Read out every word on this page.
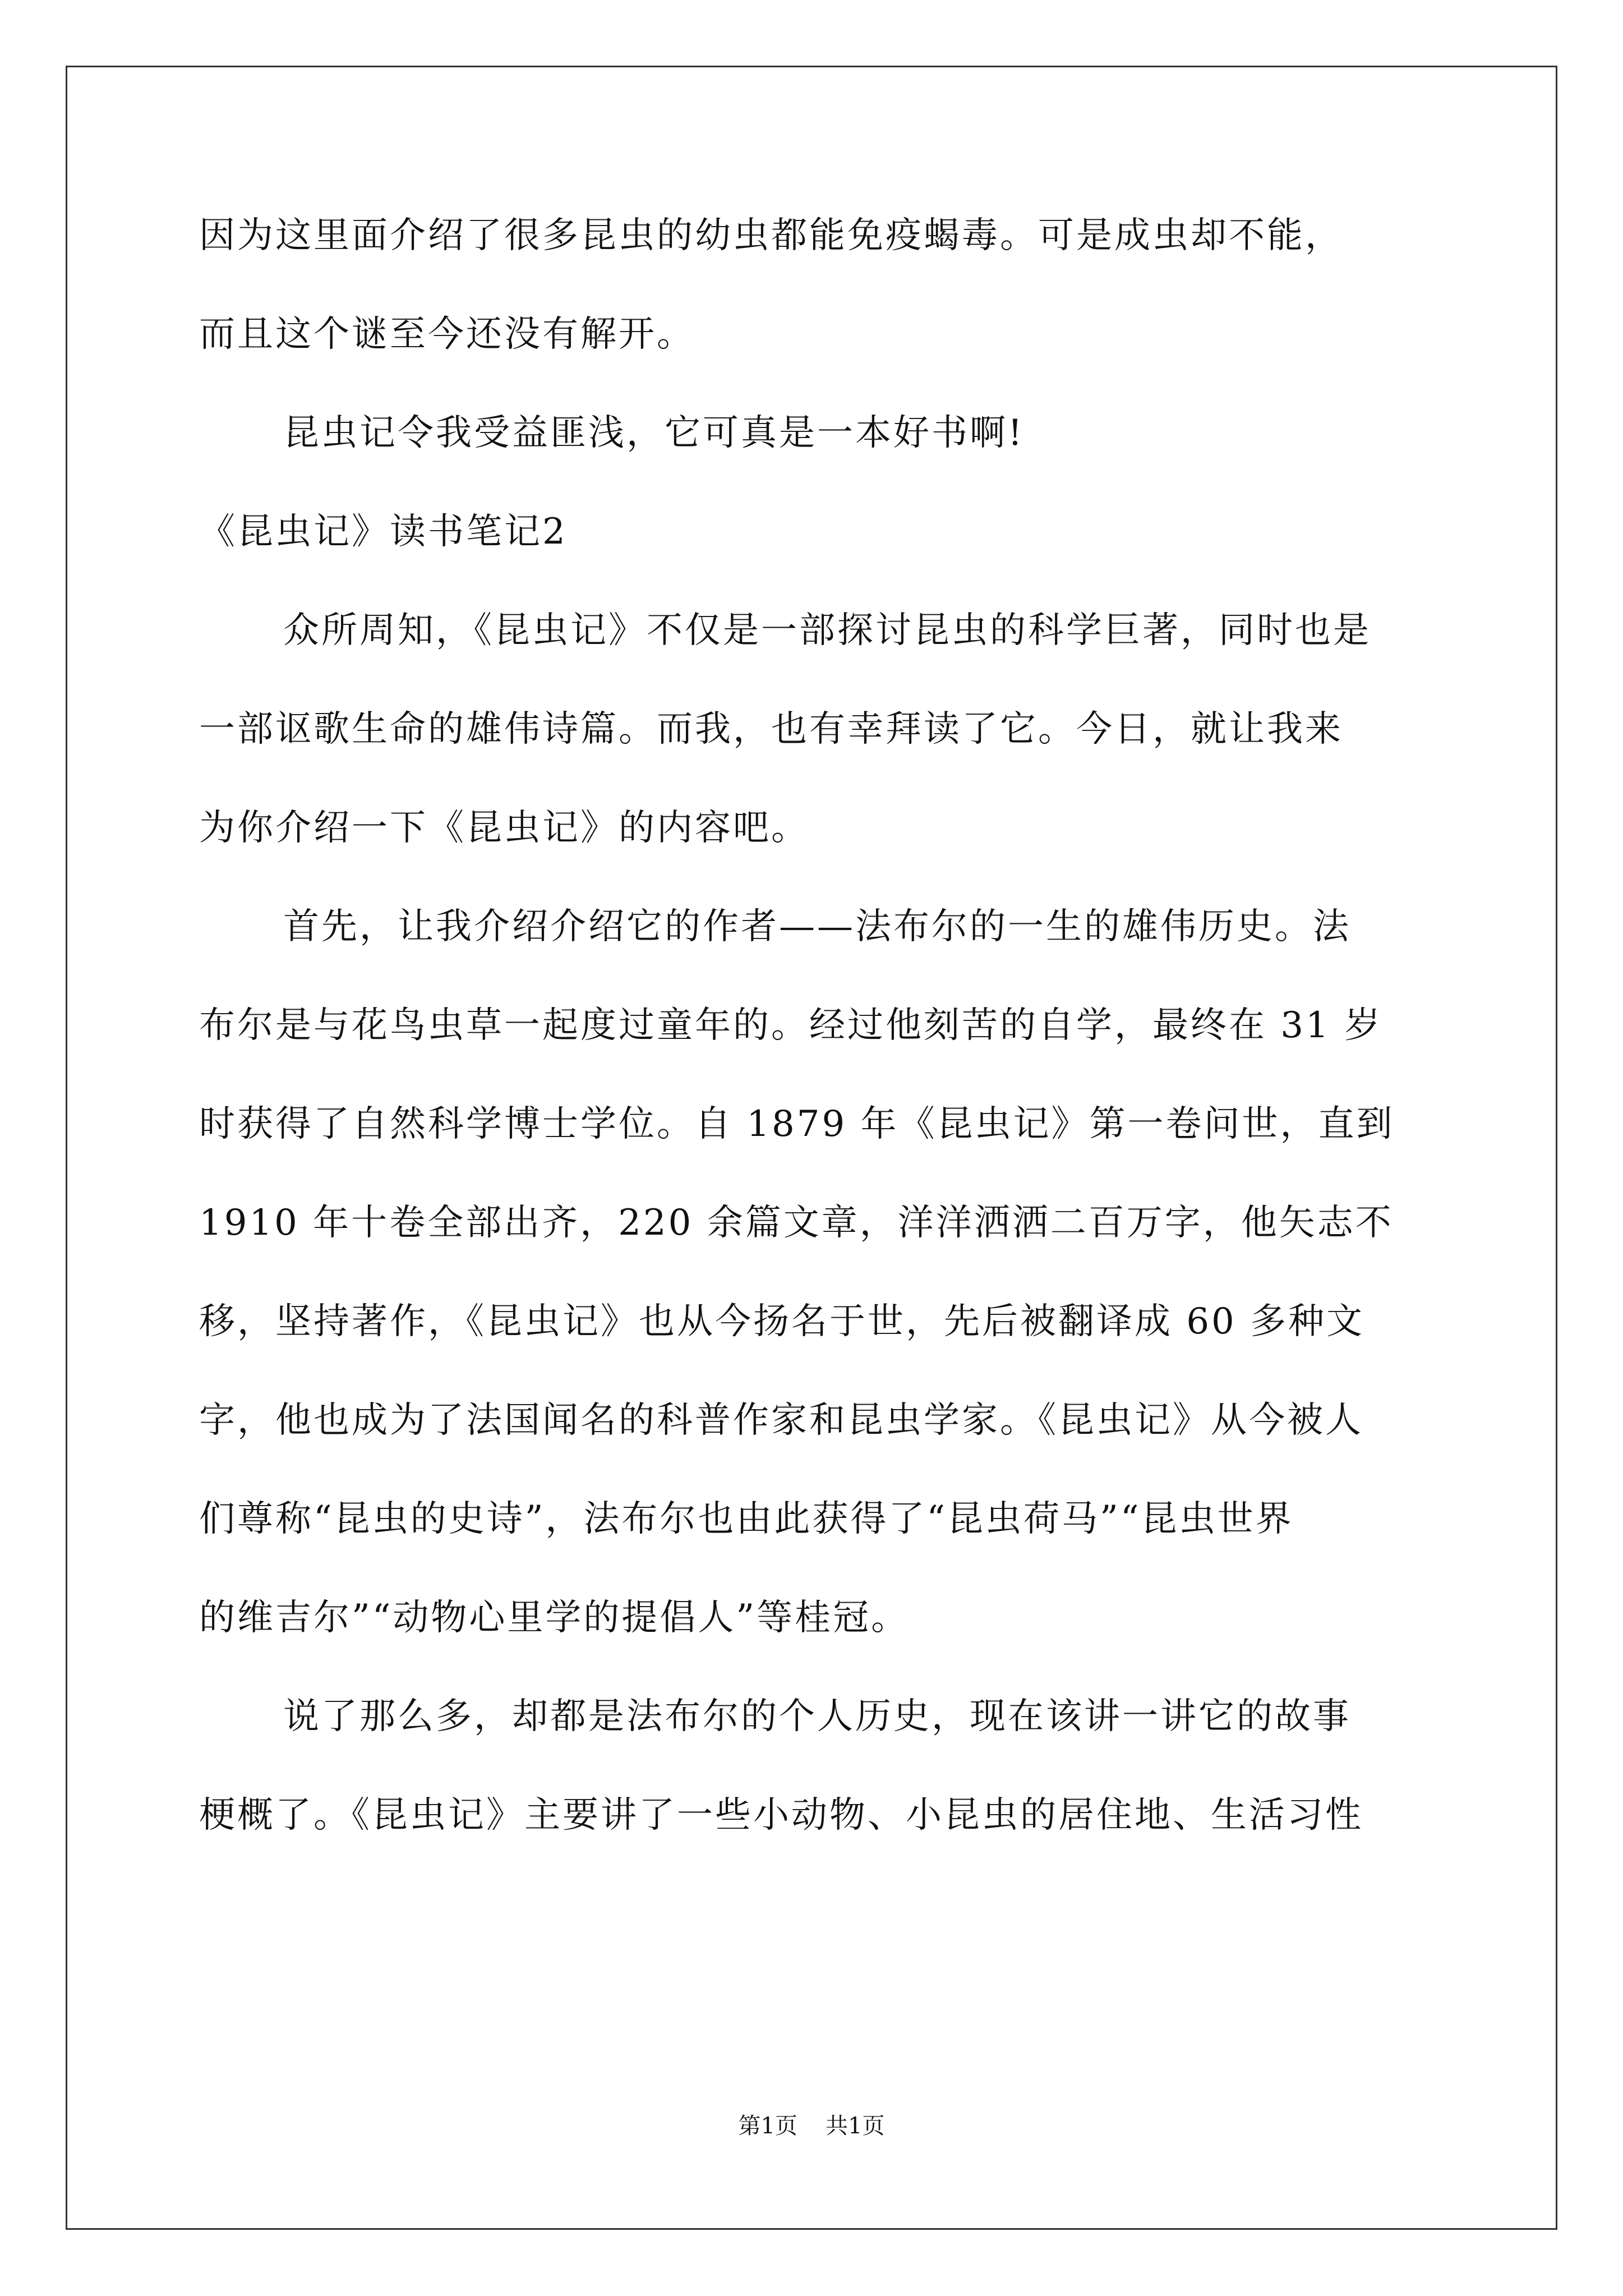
因为这里面介绍了很多昆虫的幼虫都能免疫蝎毒。可是成虫却不能，
而且这个谜至今还没有解开。
昆虫记令我受益匪浅，它可真是一本好书啊!
《昆虫记》读书笔记2
众所周知，《昆虫记》不仅是一部探讨昆虫的科学巨著，同时也是
一部讴歌生命的雄伟诗篇。而我，也有幸拜读了它。今日，就让我来
为你介绍一下《昆虫记》的内容吧。
首先，让我介绍介绍它的作者——法布尔的一生的雄伟历史。法
布尔是与花鸟虫草一起度过童年的。经过他刻苦的自学，最终在 31 岁
时获得了自然科学博士学位。自 1879 年《昆虫记》第一卷问世，直到
1910 年十卷全部出齐，220 余篇文章，洋洋洒洒二百万字，他矢志不
移，坚持著作，《昆虫记》也从今扬名于世，先后被翻译成 60 多种文
字，他也成为了法国闻名的科普作家和昆虫学家。《昆虫记》从今被人
们尊称“昆虫的史诗”，法布尔也由此获得了“昆虫荷马”“昆虫世界
的维吉尔”“动物心里学的提倡人”等桂冠。
说了那么多，却都是法布尔的个人历史，现在该讲一讲它的故事
梗概了。《昆虫记》主要讲了一些小动物、小昆虫的居住地、生活习性
第1页 共1页
